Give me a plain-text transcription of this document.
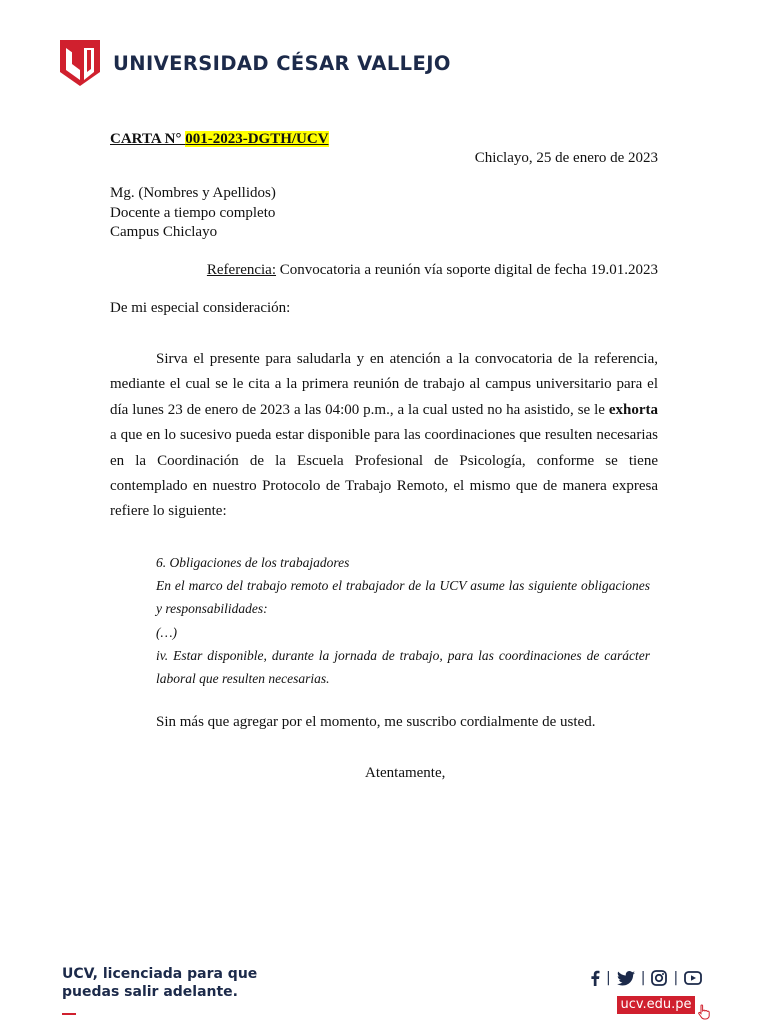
UNIVERSIDAD CÉSAR VALLEJO
CARTA N° 001-2023-DGTH/UCV
Chiclayo, 25 de enero de 2023
Mg. (Nombres y Apellidos)
Docente a tiempo completo
Campus Chiclayo
Referencia: Convocatoria a reunión vía soporte digital de fecha 19.01.2023
De mi especial consideración:
Sirva el presente para saludarla y en atención a la convocatoria de la referencia, mediante el cual se le cita a la primera reunión de trabajo al campus universitario para el día lunes 23 de enero de 2023 a las 04:00 p.m., a la cual usted no ha asistido, se le exhorta a que en lo sucesivo pueda estar disponible para las coordinaciones que resulten necesarias en la Coordinación de la Escuela Profesional de Psicología, conforme se tiene contemplado en nuestro Protocolo de Trabajo Remoto, el mismo que de manera expresa refiere lo siguiente:
6. Obligaciones de los trabajadores
En el marco del trabajo remoto el trabajador de la UCV asume las siguiente obligaciones y responsabilidades:
(…)
iv. Estar disponible, durante la jornada de trabajo, para las coordinaciones de carácter laboral que resulten necesarias.
Sin más que agregar por el momento, me suscribo cordialmente de usted.
Atentamente,
UCV, licenciada para que
puedas salir adelante.
| | |
ucv.edu.pe
